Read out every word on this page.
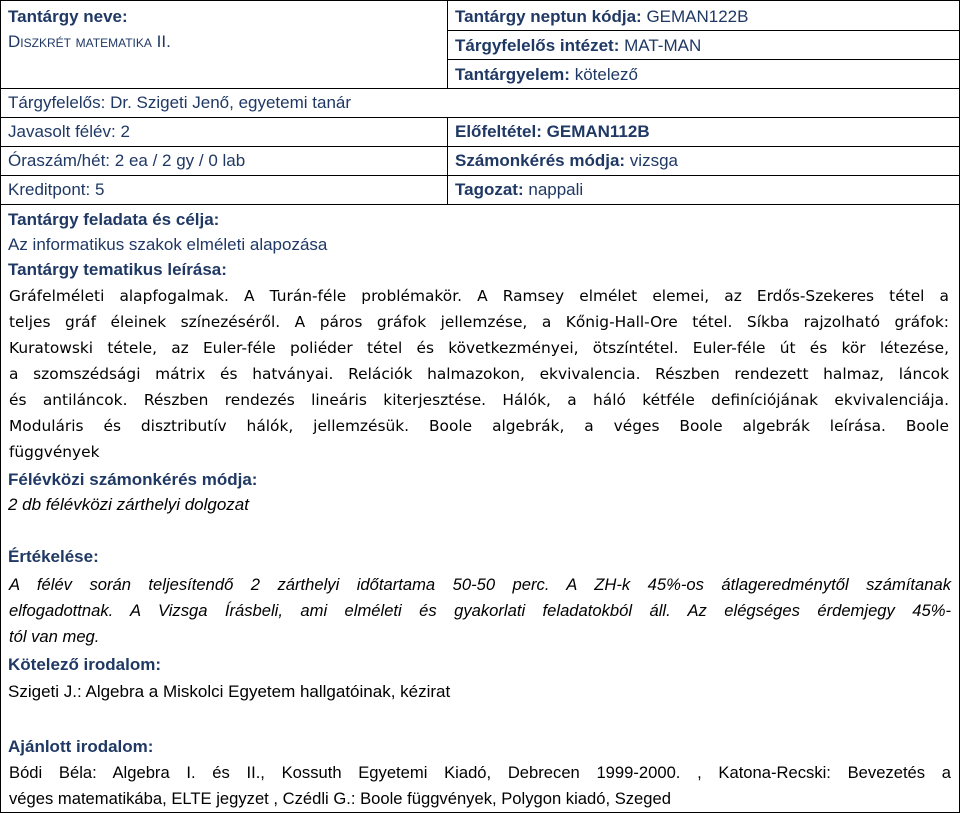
Tantárgy neve:
Diszkrét matematika II.
Tantárgy neptun kódja: GEMAN122B
Tárgyfelelős intézet: MAT-MAN
Tantárgyelem: kötelező
Tárgyfelelős: Dr. Szigeti Jenő, egyetemi tanár
Javasolt félév: 2	Előfeltétel: GEMAN112B
Óraszám/hét: 2 ea / 2 gy / 0 lab	Számonkérés módja: vizsga
Kreditpont: 5	Tagozat: nappali
Tantárgy feladata és célja:
Az informatikus szakok elméleti alapozása
Tantárgy tematikus leírása:
Gráfelméleti alapfogalmak. A Turán-féle problémakör. A Ramsey elmélet elemei, az Erdős-Szekeres tétel a
teljes gráf éleinek színezéséről. A páros gráfok jellemzése, a Kőnig-Hall-Ore tétel. Síkba rajzolható gráfok:
Kuratowski tétele, az Euler-féle poliéder tétel és következményei, ötszíntétel. Euler-féle út és kör létezése,
a szomszédsági mátrix és hatványai. Relációk halmazokon, ekvivalencia. Részben rendezett halmaz, láncok
és antiláncok. Részben rendezés lineáris kiterjesztése. Hálók, a háló kétféle definíciójának ekvivalenciája.
Moduláris és disztributív hálók, jellemzésük. Boole algebrák, a véges Boole algebrák leírása. Boole
függvények
Félévközi számonkérés módja:
2 db félévközi zárthelyi dolgozat
Értékelése:
A félév során teljesítendő 2 zárthelyi időtartama 50-50 perc. A ZH-k 45%-os átlageredménytől számítanak
elfogadottnak. A Vizsga Írásbeli, ami elméleti és gyakorlati feladatokból áll. Az elégséges érdemjegy 45%-
tól van meg.
Kötelező irodalom:
Szigeti J.: Algebra a Miskolci Egyetem hallgatóinak, kézirat
Ajánlott irodalom:
Bódi Béla: Algebra I. és II., Kossuth Egyetemi Kiadó, Debrecen 1999-2000. , Katona-Recski: Bevezetés a
véges matematikába, ELTE jegyzet , Czédli G.: Boole függvények, Polygon kiadó, Szeged
